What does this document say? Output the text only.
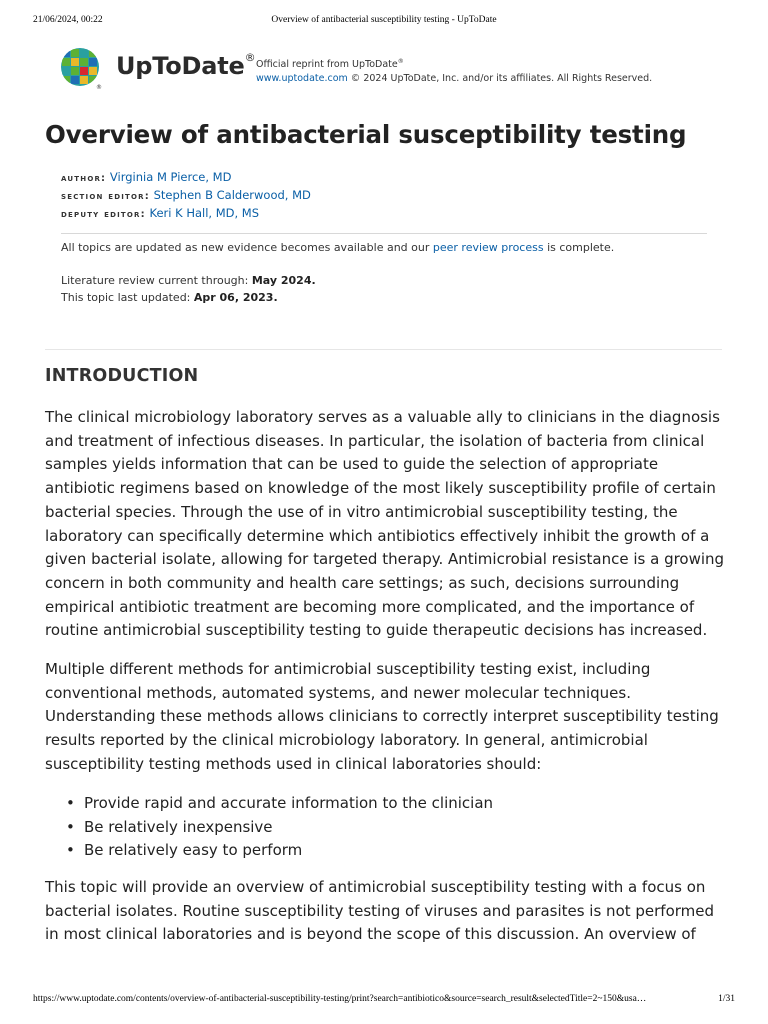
21/06/2024, 00:22	Overview of antibacterial susceptibility testing - UpToDate
®
UpToDate®
Official reprint from UpToDate®
www.uptodate.com © 2024 UpToDate, Inc. and/or its affiliates. All Rights Reserved.
Overview of antibacterial susceptibility testing
author: Virginia M Pierce, MD
section editor: Stephen B Calderwood, MD
deputy editor: Keri K Hall, MD, MS
All topics are updated as new evidence becomes available and our peer review process is complete.
Literature review current through: May 2024.
This topic last updated: Apr 06, 2023.
INTRODUCTION

The clinical microbiology laboratory serves as a valuable ally to clinicians in the diagnosis and treatment of infectious diseases. In particular, the isolation of bacteria from clinical samples yields information that can be used to guide the selection of appropriate antibiotic regimens based on knowledge of the most likely susceptibility profile of certain bacterial species. Through the use of in vitro antimicrobial susceptibility testing, the laboratory can specifically determine which antibiotics effectively inhibit the growth of a given bacterial isolate, allowing for targeted therapy. Antimicrobial resistance is a growing concern in both community and health care settings; as such, decisions surrounding empirical antibiotic treatment are becoming more complicated, and the importance of routine antimicrobial susceptibility testing to guide therapeutic decisions has increased.

Multiple different methods for antimicrobial susceptibility testing exist, including conventional methods, automated systems, and newer molecular techniques. Understanding these methods allows clinicians to correctly interpret susceptibility testing results reported by the clinical microbiology laboratory. In general, antimicrobial susceptibility testing methods used in clinical laboratories should:

• Provide rapid and accurate information to the clinician
• Be relatively inexpensive
• Be relatively easy to perform

This topic will provide an overview of antimicrobial susceptibility testing with a focus on bacterial isolates. Routine susceptibility testing of viruses and parasites is not performed in most clinical laboratories and is beyond the scope of this discussion. An overview of

https://www.uptodate.com/contents/overview-of-antibacterial-susceptibility-testing/print?search=antibiotico&source=search_result&selectedTitle=2~150&usa…	1/31
